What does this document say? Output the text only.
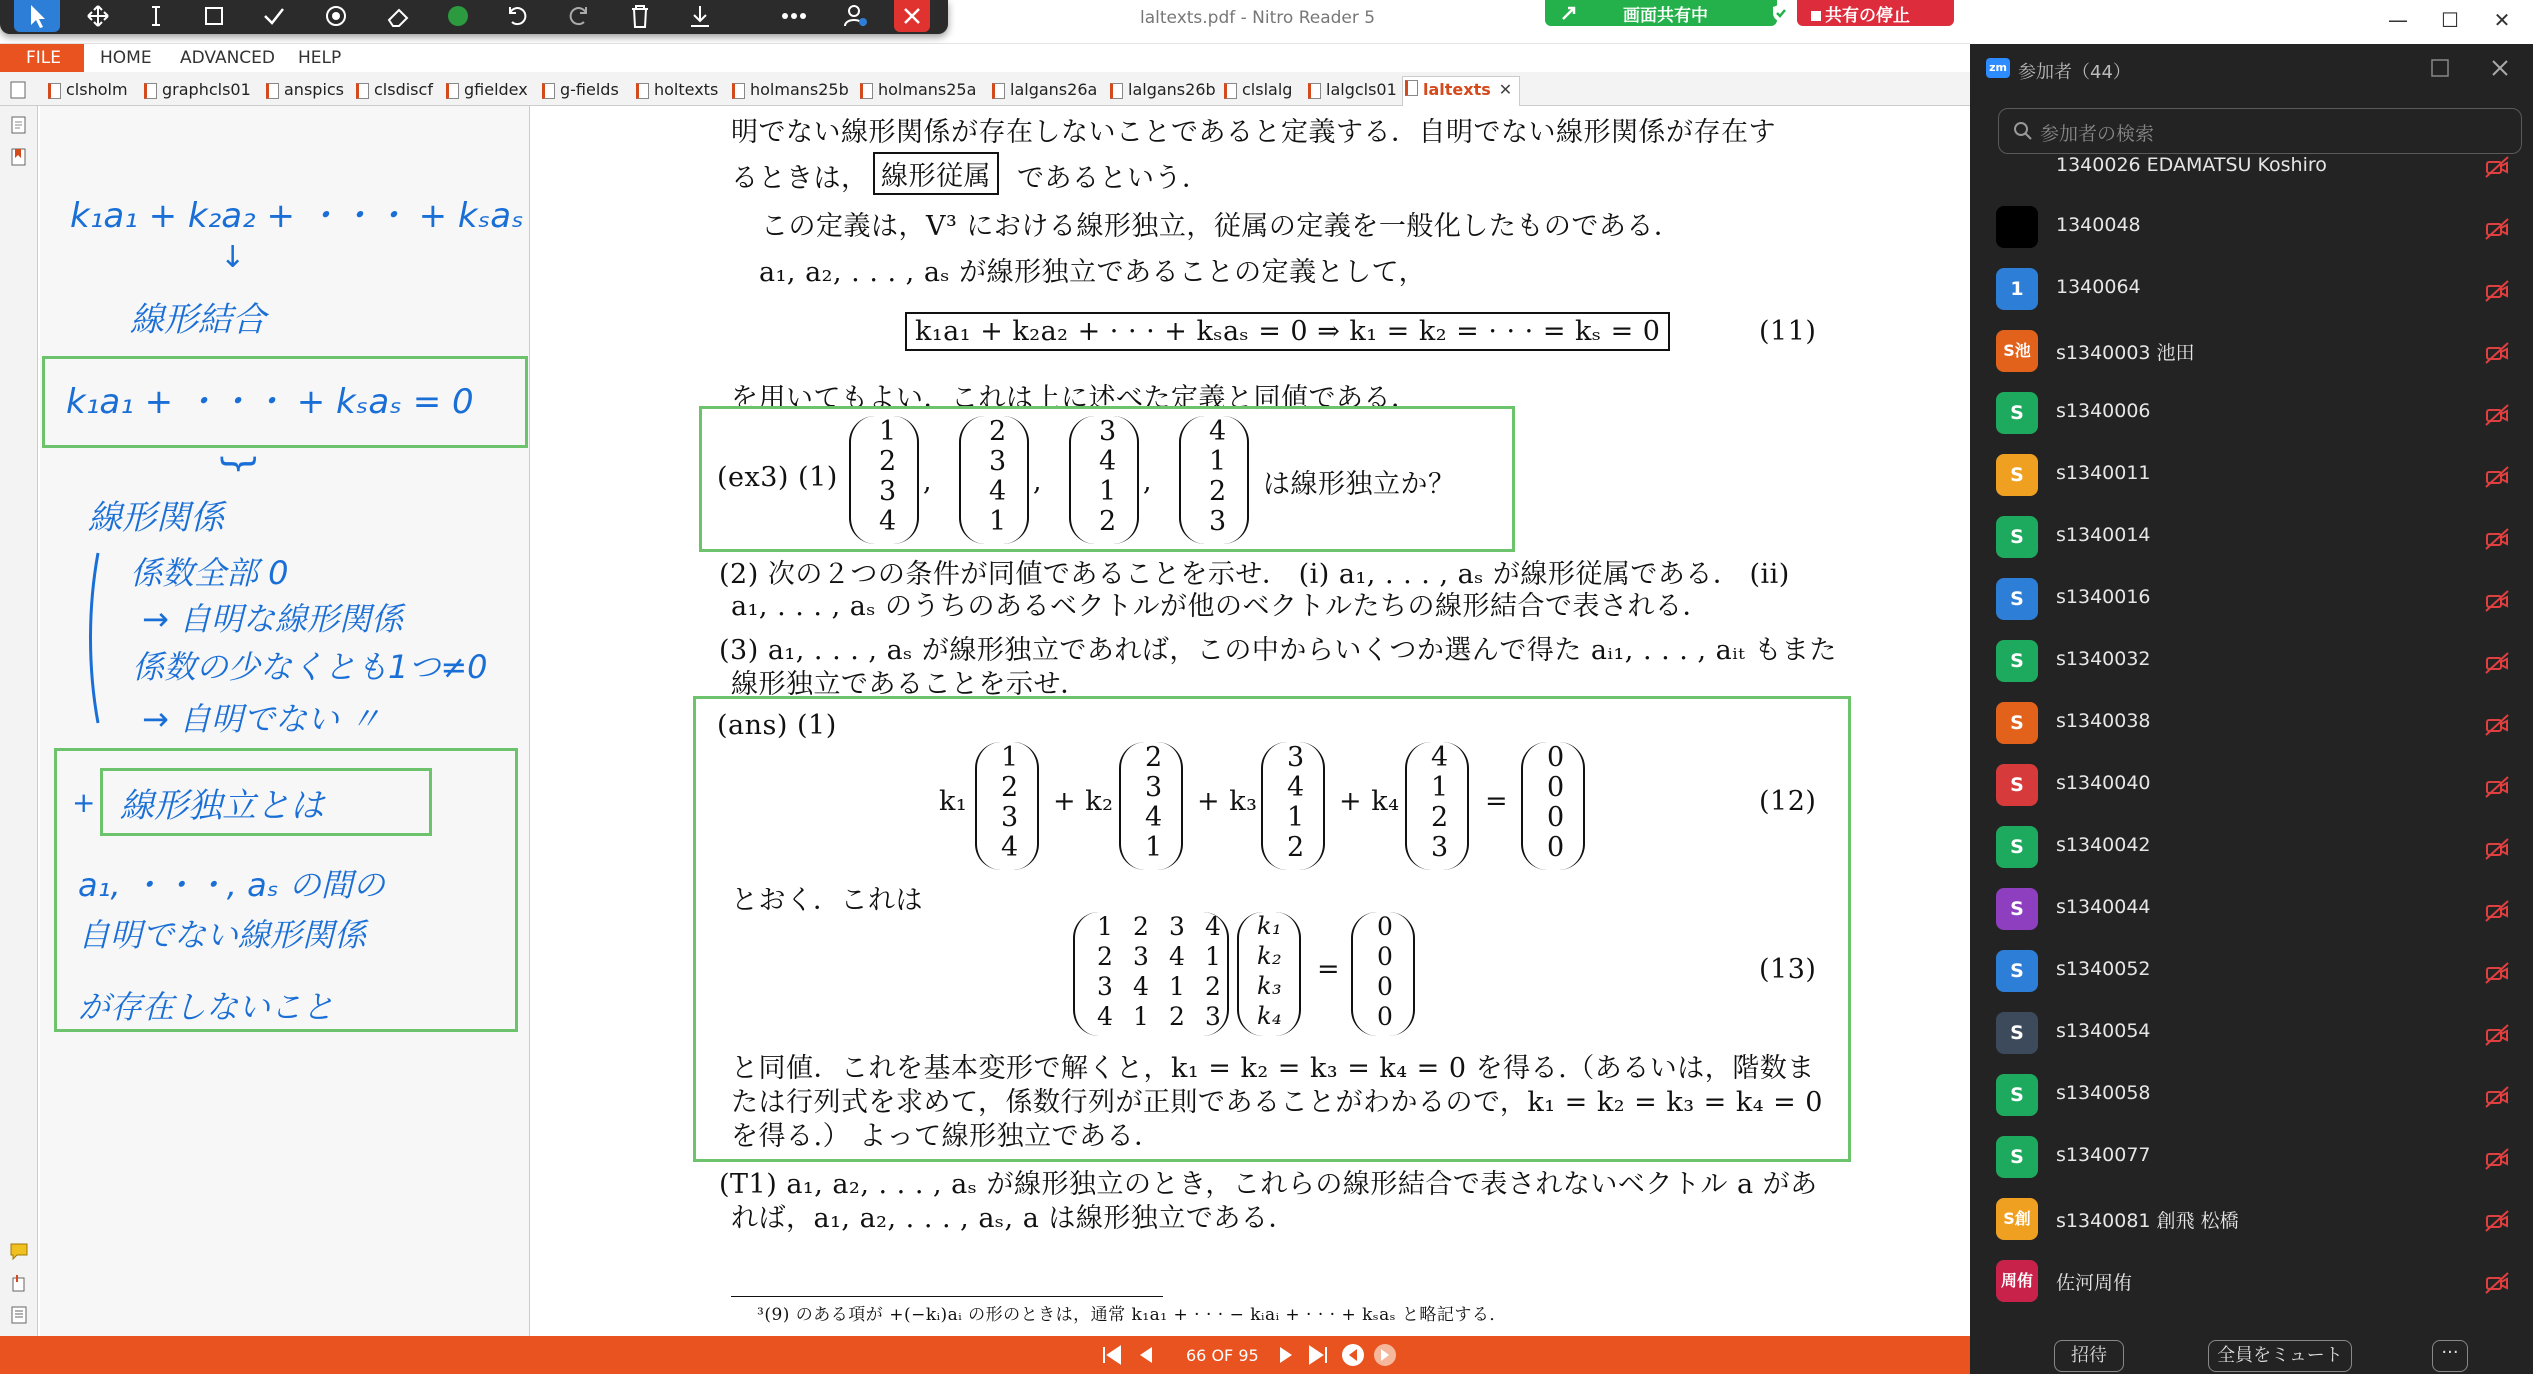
laltexts.pdf - Nitro Reader 5	画面共有中	共有の停止	—	☐	✕
HOME ADVANCED HELP
FILE
clsholm	graphcls01	anspics	clsdiscf	gfieldex	g-fields	holtexts	holmans25b	holmans25a	lalgans26a	lalgans26b	clslalg	lalgcls01	laltexts ✕
k₁a₁ + k₂a₂ + ・・・ + kₛaₛ
↓
線形結合
k₁a₁ + ・・・ + kₛaₛ = 0
}
線形関係
係数全部 0
→ 自明な線形関係
係数の少なくとも1つ≠0
→ 自明でない 〃
+ 線形独立とは
a₁, ・・・, aₛ の間の
自明でない線形関係
が存在しないこと
明でない線形関係が存在しないことであると定義する．自明でない線形関係が存在す
るときは， 線形従属 であるという．
この定義は，V³ における線形独立，従属の定義を一般化したものである．
a₁, a₂, . . . , aₛ が線形独立であることの定義として，
k₁a₁ + k₂a₂ + · · · + kₛaₛ = 0 ⇒ k₁ = k₂ = · · · = kₛ = 0	(11)
を用いてもよい．これは上に述べた定義と同値である．
(ex3) (1)
1
2
3
4
,
2
3
4
1
,
3
4
1
2
,
4
1
2
3
は線形独立か？
(2) 次の２つの条件が同値であることを示せ． (i) a₁, . . . , aₛ が線形従属である． (ii)
a₁, . . . , aₛ のうちのあるベクトルが他のベクトルたちの線形結合で表される．
(3) a₁, . . . , aₛ が線形独立であれば，この中からいくつか選んで得た aᵢ₁, . . . , aᵢₜ もまた
線形独立であることを示せ．
(ans) (1)
k₁
1
2
3
4
+ k₂
2
3
4
1
+ k₃
3
4
1
2
+ k₄
4
1
2
3
=
0
0
0
0
(12)
とおく．これは
1 2 3 4
2 3 4 1
3 4 1 2
4 1 2 3
k₁
k₂
k₃
k₄
=
0
0
0
0
(13)
と同値．これを基本変形で解くと，k₁ = k₂ = k₃ = k₄ = 0 を得る.（あるいは，階数ま
たは行列式を求めて，係数行列が正則であることがわかるので，k₁ = k₂ = k₃ = k₄ = 0
を得る.） よって線形独立である．
(T1) a₁, a₂, . . . , aₛ が線形独立のとき，これらの線形結合で表されないベクトル a があ
れば，a₁, a₂, . . . , aₛ, a は線形独立である．
³(9) のある項が +(−kᵢ)aᵢ の形のときは，通常 k₁a₁ + · · · − kᵢaᵢ + · · · + kₛaₛ と略記する．
66 OF 95
zm 参加者（44）
参加者の検索
1340026 EDAMATSU Koshiro
1340048
1	1340064
S池	s1340003 池田
S	s1340006
S	s1340011
S	s1340014
S	s1340016
S	s1340032
S	s1340038
S	s1340040
S	s1340042
S	s1340044
S	s1340052
S	s1340054
S	s1340058
S	s1340077
S創	s1340081 創飛 松橋
周侑 佐河周侑
招待	全員をミュート	···
